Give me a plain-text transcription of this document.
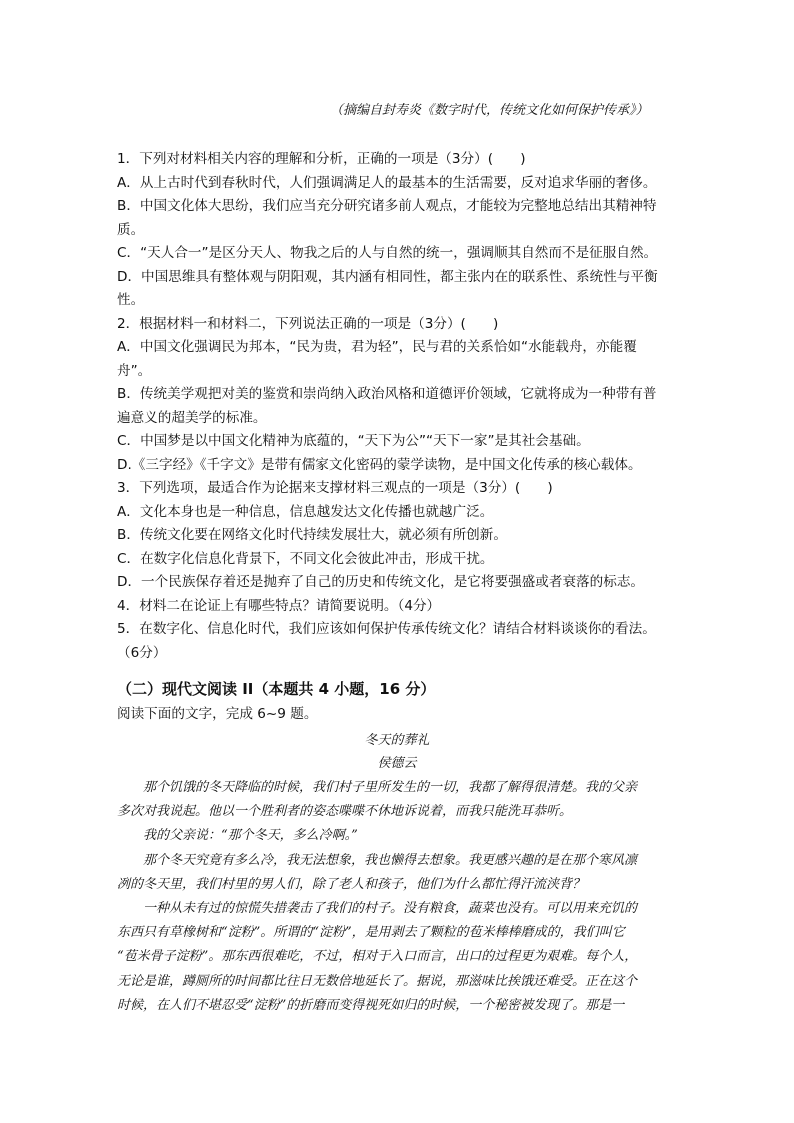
（摘编自封寿炎《数字时代，传统文化如何保护传承》）
1．下列对材料相关内容的理解和分析，正确的一项是（3分）(　　)
A．从上古时代到春秋时代，人们强调满足人的最基本的生活需要，反对追求华丽的奢侈。
B．中国文化体大思纷，我们应当充分研究诸多前人观点，才能较为完整地总结出其精神特
质。
C．“天人合一”是区分天人、物我之后的人与自然的统一，强调顺其自然而不是征服自然。
D．中国思维具有整体观与阴阳观，其内涵有相同性，都主张内在的联系性、系统性与平衡
性。
2．根据材料一和材料二，下列说法正确的一项是（3分）(　　)
A．中国文化强调民为邦本，“民为贵，君为轻”，民与君的关系恰如“水能载舟，亦能覆
舟”。
B．传统美学观把对美的鉴赏和崇尚纳入政治风格和道德评价领域，它就将成为一种带有普
遍意义的超美学的标准。
C．中国梦是以中国文化精神为底蕴的，“天下为公”“天下一家”是其社会基础。
D.《三字经》《千字文》是带有儒家文化密码的蒙学读物，是中国文化传承的核心载体。
3．下列选项，最适合作为论据来支撑材料三观点的一项是（3分）(　　)
A．文化本身也是一种信息，信息越发达文化传播也就越广泛。
B．传统文化要在网络文化时代持续发展壮大，就必须有所创新。
C．在数字化信息化背景下，不同文化会彼此冲击，形成干扰。
D．一个民族保存着还是抛弃了自己的历史和传统文化，是它将要强盛或者衰落的标志。
4．材料二在论证上有哪些特点？请简要说明。（4分）
5．在数字化、信息化时代，我们应该如何保护传承传统文化？请结合材料谈谈你的看法。
（6分）
（二）现代文阅读 II（本题共 4 小题，16 分）
阅读下面的文字，完成 6~9 题。
冬天的葬礼
侯德云
那个饥饿的冬天降临的时候，我们村子里所发生的一切，我都了解得很清楚。我的父亲
多次对我说起。他以一个胜利者的姿态喋喋不休地诉说着，而我只能洗耳恭听。
我的父亲说：“那个冬天，多么冷啊。”
那个冬天究竟有多么冷，我无法想象，我也懒得去想象。我更感兴趣的是在那个寒风凛
冽的冬天里，我们村里的男人们，除了老人和孩子，他们为什么都忙得汗流浃背？
一种从未有过的惊慌失措袭击了我们的村子。没有粮食，蔬菜也没有。可以用来充饥的
东西只有草橡树和“淀粉”。所谓的“淀粉”，是用剥去了颗粒的苞米棒棒磨成的，我们叫它
“苞米骨子淀粉”。那东西很难吃，不过，相对于入口而言，出口的过程更为艰难。每个人，
无论是谁，蹲厕所的时间都比往日无数倍地延长了。据说，那滋味比挨饿还难受。正在这个
时候，在人们不堪忍受“淀粉”的折磨而变得视死如归的时候，一个秘密被发现了。那是一
